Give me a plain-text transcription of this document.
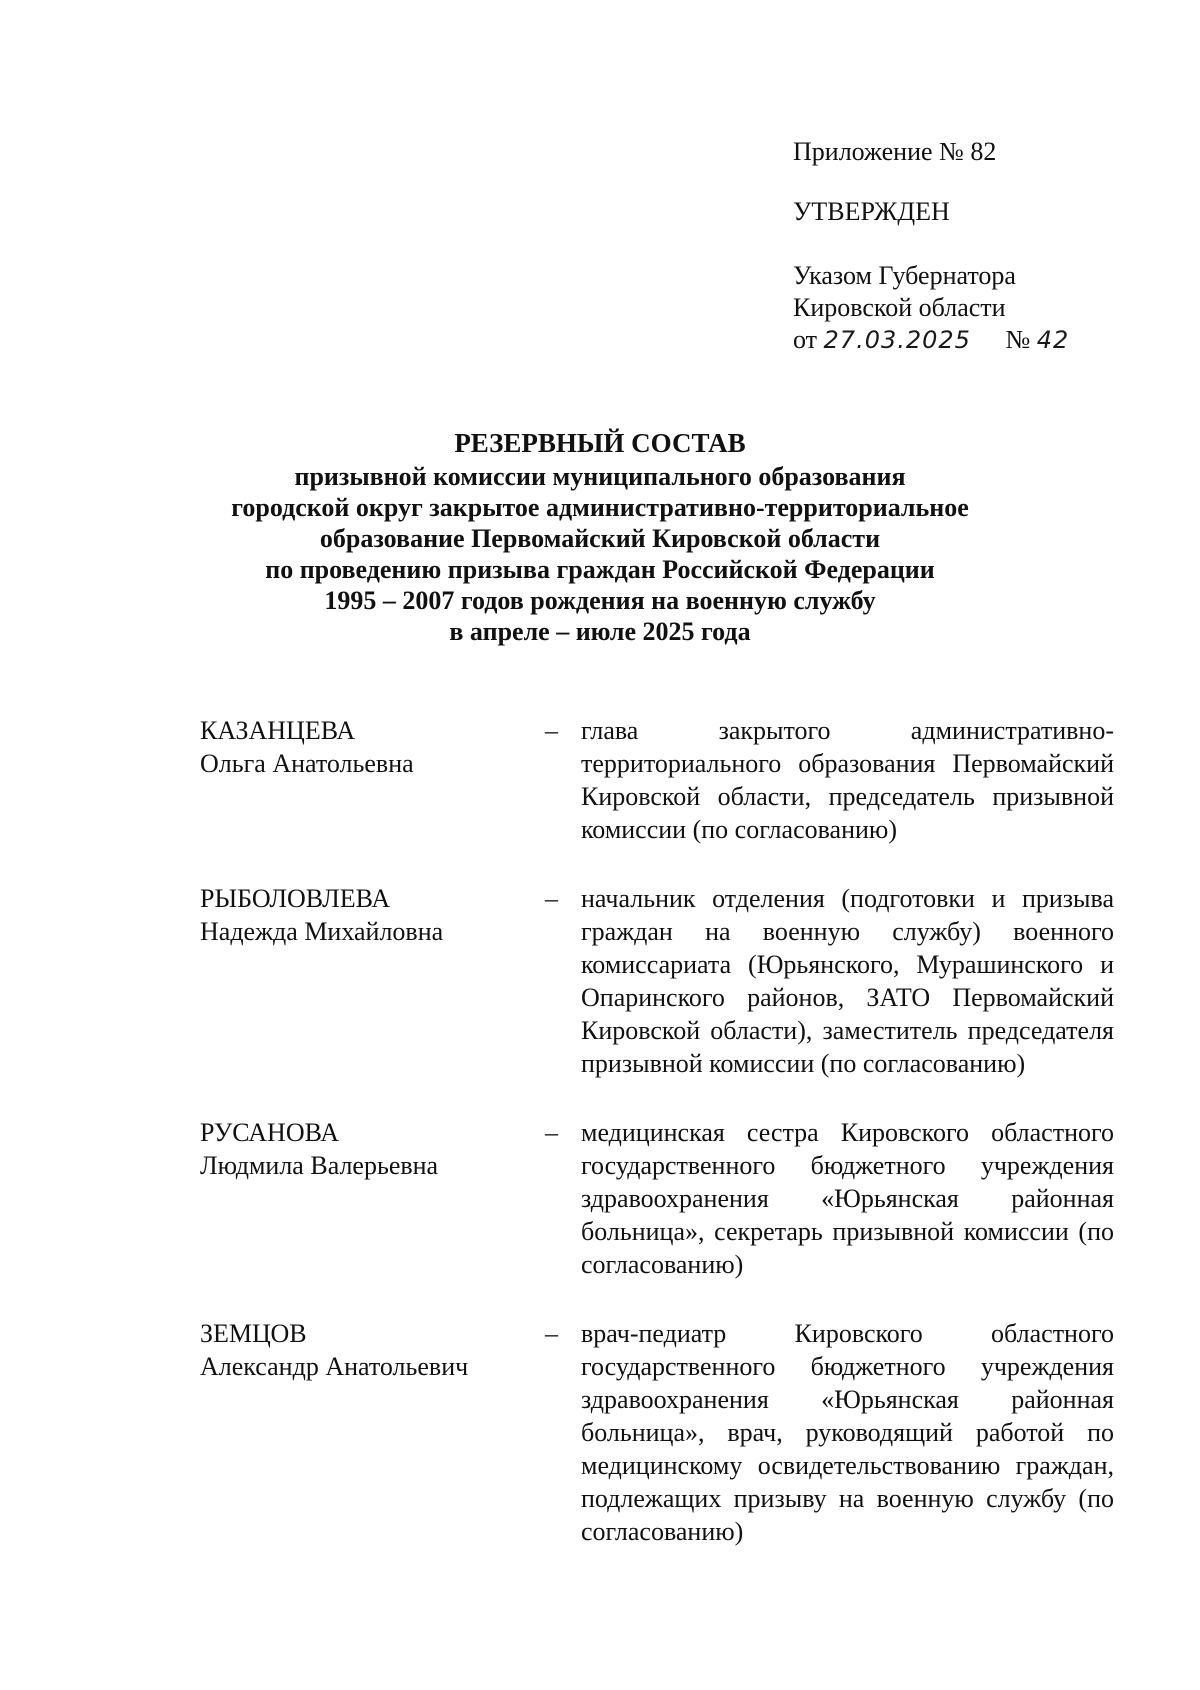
Приложение № 82
УТВЕРЖДЕН
Указом Губернатора
Кировской области
от 27.03.2025 № 42
РЕЗЕРВНЫЙ СОСТАВ
призывной комиссии муниципального образования
городской округ закрытое административно-территориальное
образование Первомайский Кировской области
по проведению призыва граждан Российской Федерации
1995 – 2007 годов рождения на военную службу
в апреле – июле 2025 года
КАЗАНЦЕВА
Ольга Анатольевна
– глава закрытого административно-территориального образования Первомайский Кировской области, председатель призывной комиссии (по согласованию)
РЫБОЛОВЛЕВА
Надежда Михайловна
– начальник отделения (подготовки и призыва граждан на военную службу) военного комиссариата (Юрьянского, Мурашинского и Опаринского районов, ЗАТО Первомайский Кировской области), заместитель председателя призывной комиссии (по согласованию)
РУСАНОВА
Людмила Валерьевна
– медицинская сестра Кировского областного государственного бюджетного учреждения здравоохранения «Юрьянская районная больница», секретарь призывной комиссии (по согласованию)
ЗЕМЦОВ
Александр Анатольевич
– врач-педиатр Кировского областного государственного бюджетного учреждения здравоохранения «Юрьянская районная больница», врач, руководящий работой по медицинскому освидетельствованию граждан, подлежащих призыву на военную службу (по согласованию)
